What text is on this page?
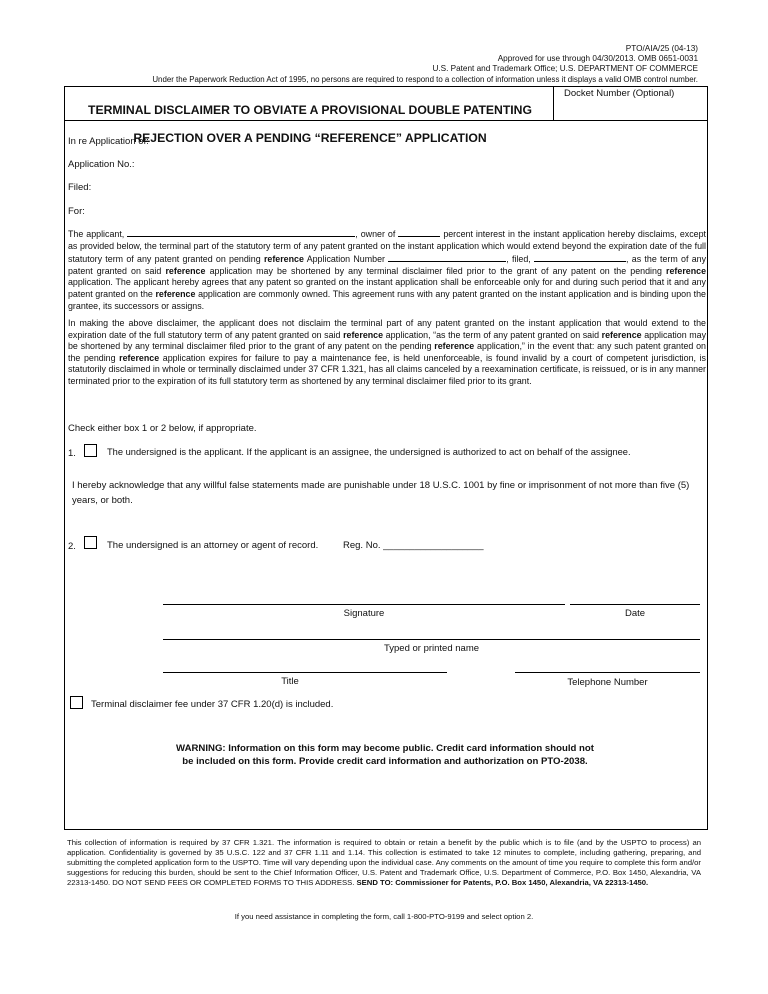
PTO/AIA/25 (04-13)
Approved for use through 04/30/2013. OMB 0651-0031
U.S. Patent and Trademark Office; U.S. DEPARTMENT OF COMMERCE
Under the Paperwork Reduction Act of 1995, no persons are required to respond to a collection of information unless it displays a valid OMB control number.

TERMINAL DISCLAIMER TO OBVIATE A PROVISIONAL DOUBLE PATENTING

REJECTION OVER A PENDING “REFERENCE” APPLICATION

Docket Number (Optional)
In re Application of:
Application No.:
Filed:
For:
The applicant,	, owner of	percent interest in the instant application hereby disclaims, except as provided below, the terminal part of the statutory term of any patent granted on the instant application which would extend beyond the expiration date of the full statutory term of any patent granted on pending reference Application Number	, filed,	, as the term of any patent granted on said reference application may be shortened by any terminal disclaimer filed prior to the grant of any patent on the pending reference application. The applicant hereby agrees that any patent so granted on the instant application shall be enforceable only for and during such period that it and any patent granted on the reference application are commonly owned. This agreement runs with any patent granted on the instant application and is binding upon the grantee, its successors or assigns.
In making the above disclaimer, the applicant does not disclaim the terminal part of any patent granted on the instant application that would extend to the expiration date of the full statutory term of any patent granted on said reference application, “as the term of any patent granted on said reference application may be shortened by any terminal disclaimer filed prior to the grant of any patent on the pending reference application,” in the event that: any such patent granted on the pending reference application expires for failure to pay a maintenance fee, is held unenforceable, is found invalid by a court of competent jurisdiction, is statutorily disclaimed in whole or terminally disclaimed under 37 CFR 1.321, has all claims canceled by a reexamination certificate, is reissued, or is in any manner terminated prior to the expiration of its full statutory term as shortened by any terminal disclaimer filed prior to its grant.
Check either box 1 or 2 below, if appropriate.
1.	The undersigned is the applicant. If the applicant is an assignee, the undersigned is authorized to act on behalf of the assignee.
I hereby acknowledge that any willful false statements made are punishable under 18 U.S.C. 1001 by fine or imprisonment of not more than five (5) years, or both.
2.	The undersigned is an attorney or agent of record.	Reg. No. ___________________
Signature	Date
Typed or printed name
Title	Telephone Number
Terminal disclaimer fee under 37 CFR 1.20(d) is included.
WARNING: Information on this form may become public. Credit card information should not
be included on this form. Provide credit card information and authorization on PTO-2038.
This collection of information is required by 37 CFR 1.321. The information is required to obtain or retain a benefit by the public which is to file (and by the USPTO to process) an application. Confidentiality is governed by 35 U.S.C. 122 and 37 CFR 1.11 and 1.14. This collection is estimated to take 12 minutes to complete, including gathering, preparing, and submitting the completed application form to the USPTO. Time will vary depending upon the individual case. Any comments on the amount of time you require to complete this form and/or suggestions for reducing this burden, should be sent to the Chief Information Officer, U.S. Patent and Trademark Office, U.S. Department of Commerce, P.O. Box 1450, Alexandria, VA 22313-1450. DO NOT SEND FEES OR COMPLETED FORMS TO THIS ADDRESS. SEND TO: Commissioner for Patents, P.O. Box 1450, Alexandria, VA 22313-1450.
If you need assistance in completing the form, call 1-800-PTO-9199 and select option 2.
